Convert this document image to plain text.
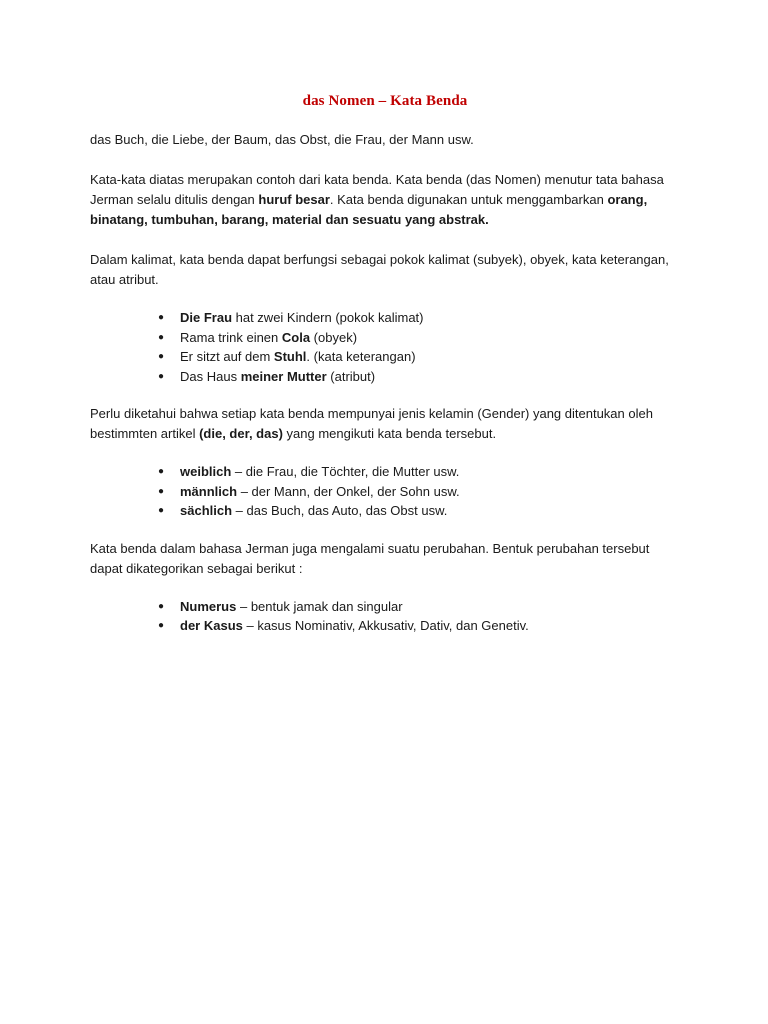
das Nomen – Kata Benda

das Buch, die Liebe, der Baum, das Obst, die Frau, der Mann usw.

Kata-kata diatas merupakan contoh dari kata benda. Kata benda (das Nomen) menutur tata bahasa Jerman selalu ditulis dengan huruf besar. Kata benda digunakan untuk menggambarkan orang, binatang, tumbuhan, barang, material dan sesuatu yang abstrak.

Dalam kalimat, kata benda dapat berfungsi sebagai pokok kalimat (subyek), obyek, kata keterangan, atau atribut.

● Die Frau hat zwei Kindern (pokok kalimat)
● Rama trink einen Cola (obyek)
● Er sitzt auf dem Stuhl. (kata keterangan)
● Das Haus meiner Mutter (atribut)

Perlu diketahui bahwa setiap kata benda mempunyai jenis kelamin (Gender) yang ditentukan oleh bestimmten artikel (die, der, das) yang mengikuti kata benda tersebut.

● weiblich – die Frau, die Töchter, die Mutter usw.
● männlich – der Mann, der Onkel, der Sohn usw.
● sächlich – das Buch, das Auto, das Obst usw.

Kata benda dalam bahasa Jerman juga mengalami suatu perubahan. Bentuk perubahan tersebut dapat dikategorikan sebagai berikut :

● Numerus – bentuk jamak dan singular
● der Kasus – kasus Nominativ, Akkusativ, Dativ, dan Genetiv.
